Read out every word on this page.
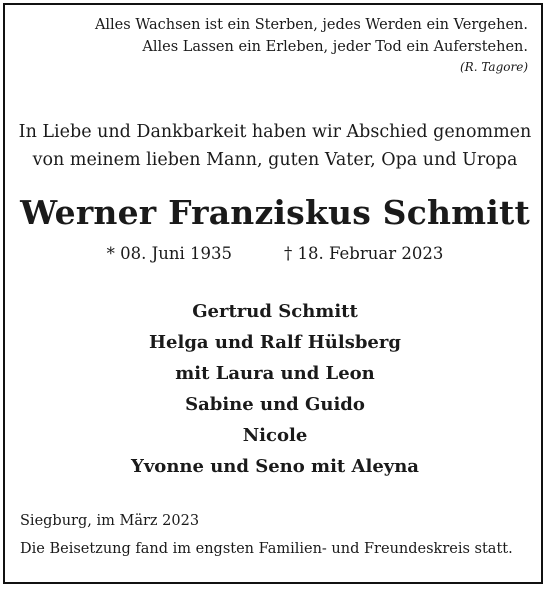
Alles Wachsen ist ein Sterben, jedes Werden ein Vergehen.
Alles Lassen ein Erleben, jeder Tod ein Auferstehen.
(R. Tagore)
In Liebe und Dankbarkeit haben wir Abschied genommen
von meinem lieben Mann, guten Vater, Opa und Uropa
Werner Franziskus Schmitt
* 08. Juni 1935	† 18. Februar 2023
Gertrud Schmitt
Helga und Ralf Hülsberg
mit Laura und Leon
Sabine und Guido
Nicole
Yvonne und Seno mit Aleyna
Siegburg, im März 2023
Die Beisetzung fand im engsten Familien- und Freundeskreis statt.
